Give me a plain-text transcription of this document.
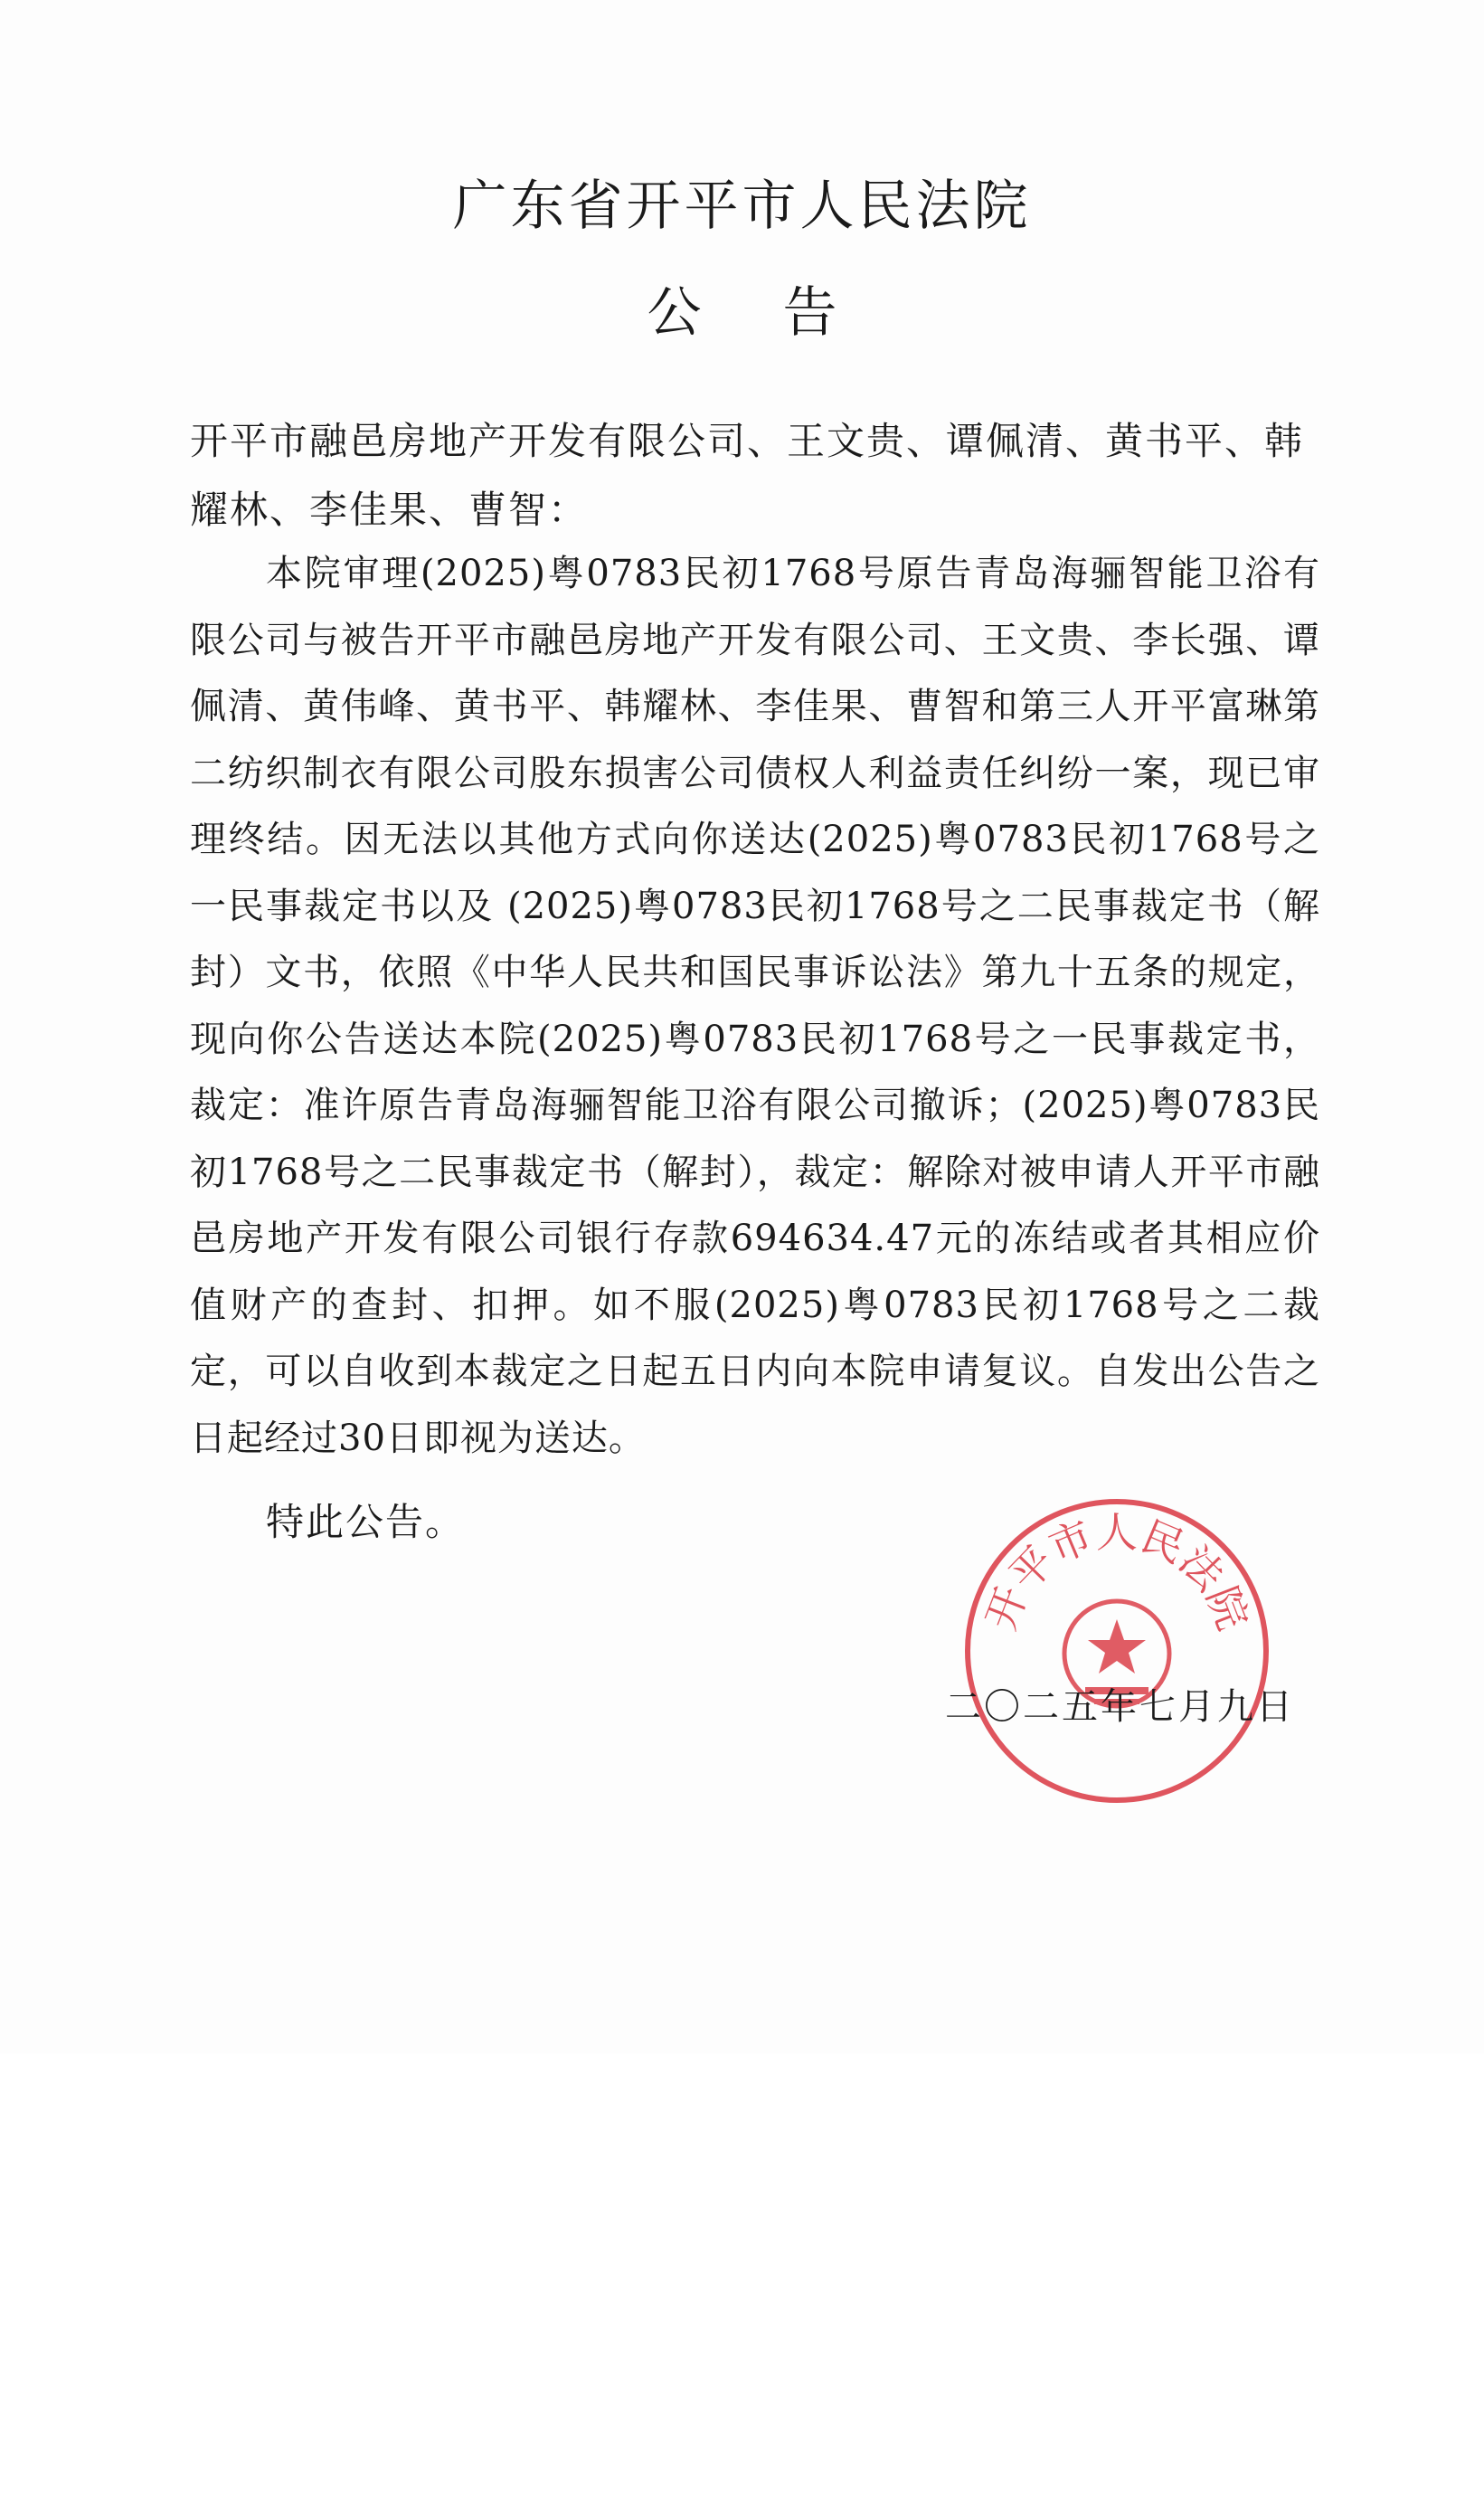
广东省开平市人民法院
公告

开平市融邑房地产开发有限公司、王文贵、谭佩清、黄书平、韩耀林、李佳果、曹智：

本院审理(2025)粤0783民初1768号原告青岛海骊智能卫浴有限公司与被告开平市融邑房地产开发有限公司、王文贵、李长强、谭佩清、黄伟峰、黄书平、韩耀林、李佳果、曹智和第三人开平富琳第二纺织制衣有限公司股东损害公司债权人利益责任纠纷一案，现已审理终结。因无法以其他方式向你送达(2025)粤0783民初1768号之一民事裁定书以及 (2025)粤0783民初1768号之二民事裁定书（解封）文书，依照《中华人民共和国民事诉讼法》第九十五条的规定，现向你公告送达本院(2025)粤0783民初1768号之一民事裁定书，裁定：准许原告青岛海骊智能卫浴有限公司撤诉；(2025)粤0783民初1768号之二民事裁定书（解封），裁定：解除对被申请人开平市融邑房地产开发有限公司银行存款694634.47元的冻结或者其相应价值财产的查封、扣押。如不服(2025)粤0783民初1768号之二裁定，可以自收到本裁定之日起五日内向本院申请复议。自发出公告之日起经过30日即视为送达。

特此公告。

开平市人民法院

二〇二五年七月九日
